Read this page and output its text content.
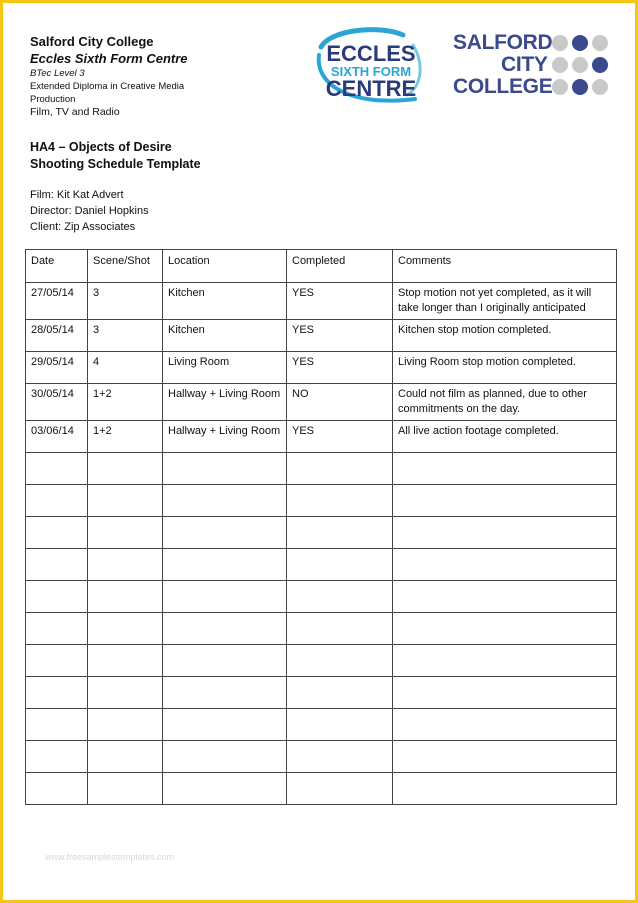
Salford City College
Eccles Sixth Form Centre
BTec Level 3
Extended Diploma in Creative Media Production
Film, TV and Radio
ECCLES
SIXTH FORM
CENTRE
SALFORD
CITY
COLLEGE
HA4 – Objects of Desire
Shooting Schedule Template
Film: Kit Kat Advert
Director: Daniel Hopkins
Client: Zip Associates
Date	Scene/Shot	Location	Completed	Comments
27/05/14	3	Kitchen	YES	Stop motion not yet completed, as it will take longer than I originally anticipated
28/05/14	3	Kitchen	YES	Kitchen stop motion completed.
29/05/14	4	Living Room	YES	Living Room stop motion completed.
30/05/14	1+2	Hallway + Living Room	NO	Could not film as planned, due to other commitments on the day.
03/06/14	1+2	Hallway + Living Room	YES	All live action footage completed.

www.freesamplestemplates.com
